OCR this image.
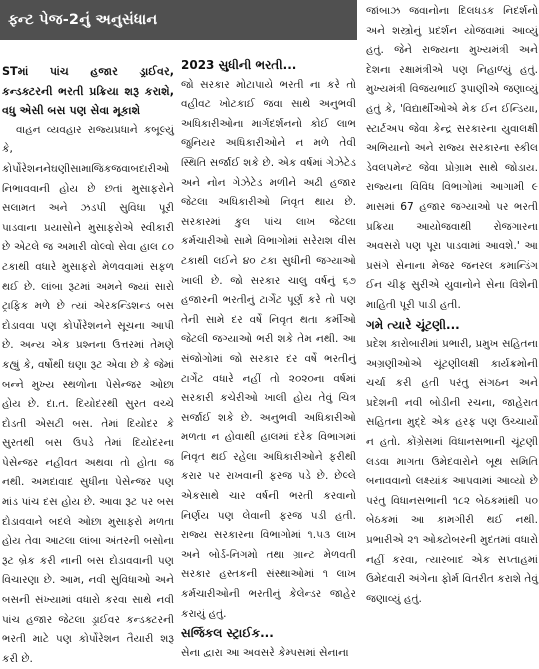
ફ્ન્ટ પેજ-2નું અનુસંધાન

STમાં પાંચ હજાર ડ્રાઈવર, કન્ડક્ટરની ભરતી પ્રક્રિયા શરૂ કરાશે, વધુ એસી બસ પણ સેવા મૂકાશે

વાહન વ્યવહાર રાજ્યપ્રધાને કબૂલ્યું કે, કોર્પોરેશનનેઘણીસામાજિકજવાબદારીઓ નિભાવવાની હોય છે છતાં મુસાફરોને સલામત અને ઝડપી સુવિધા પૂરી પાડવાના પ્રયાસોને મુસાફરોએ સ્વીકારી છે એટલે જ અમારી વોલ્વો સેવા હાલ ૮૦ ટકાથી વધારે મુસાફરો મેળવવામાં સફળ થઈ છે. લાંબા રૂટમાં અમને જ્યાં સારો ટ્રાફિક મળે છે ત્યાં એરકન્ડિશન્ડ બસ દોડાવવા પણ કોર્પોરેશનને સૂચના આપી છે. અન્ય એક પ્રશ્નના ઉત્તરમાં તેમણે કહ્યું કે, વર્ષોથી ઘણા રૂટ એવા છે કે જેમાં બન્ને મુખ્ય સ્થળોના પેસેન્જર ઓછા હોય છે. દા.ત. દિયોદરથી સુરત વચ્ચે દોડતી એસટી બસ. તેમાં દિયોદર કે સુરતથી બસ ઉપડે તેમાં દિયોદરના પેસેન્જર નહીવત અથવા તો હોતા જ નથી. અમદાવાદ સુધીના પેસેન્જર પણ માંડ પાંચ દસ હોય છે. આવા રૂટ પર બસ દોડાવવાને બદલે ઓછા મુસાફરો મળતા હોય તેવા આટલા લાંબા અંતરની બસોના રૂટ બ્રેક કરી નાની બસ દોડાવવાની પણ વિચારણા છે. આમ, નવી સુવિધાઓ અને બસની સંખ્યામાં વધારો કરવા સાથે નવી પાંચ હજાર જેટલા ડ્રાઈવર કન્ડક્ટરની ભરતી માટે પણ કોર્પોરેશન તૈયારી શરૂ કરી છે.

2023 સુધીની ભરતી...

જો સરકાર મોટાપાયે ભરતી ના કરે તો વહીવટ ખોટકાઈ જવા સાથે અનુભવી અધિકારીઓના માર્ગદર્શનનો કોઈ લાભ જુનિયર અધિકારીઓને ન મળે તેવી સ્થિતિ સર્જાઈ શકે છે. એક વર્ષમાં ગેઝેટેડ અને નોન ગેઝેટેડ મળીને અઢી હજાર જેટલા અધિકારીઓ નિવૃત થાય છે. સરકારમાં કુલ પાંચ લાખ જેટલા કર્મચારીઓ સામે વિભાગોમાં સરેરાશ વીસ ટકાથી લઈને ૪૦ ટકા સુધીની જગ્યાઓ ખાલી છે. જો સરકાર ચાલુ વર્ષનું ૬૭ હજારની ભરતીનું ટાર્ગેટ પૂર્ણ કરે તો પણ તેની સામે દર વર્ષે નિવૃત થતા કર્મીઓ જેટલી જગ્યાઓ ભરી શકે તેમ નથી. આ સંજોગોમાં જો સરકાર દર વર્ષે ભરતીનું ટાર્ગેટ વધારે નહીં તો ૨૦૨૦ના વર્ષમાં સરકારી કચેરીઓ ખાલી હોય તેવું ચિત્ર સર્જાઈ શકે છે. અનુભવી અધિકારીઓ મળતા ન હોવાથી હાલમાં દરેક વિભાગમાં નિવૃત થઈ રહેલા અધિકારીઓને ફરીથી કરાર પર રાખવાની ફરજ પડે છે. છેલ્લે એકસાથે ચાર વર્ષની ભરતી કરવાનો નિર્ણય પણ લેવાની ફરજ પડી હતી. રાજ્ય સરકારના વિભાગોમાં ૧.૫૩ લાખ અને બોર્ડ-નિગમો તથા ગ્રાન્ટ મેળવતી સરકાર હસ્તકની સંસ્થાઓમાં ૧ લાખ કર્મચારીઓની ભરતીનું કેલેન્ડર જાહેર કરાયું હતું.

સર્જિકલ સ્ટ્રાઈક...

સેના દ્વારા આ અવસરે કેમ્પસમાં સેનાના

જાંબાઝ જવાનોના દિલધડક નિદર્શનો અને શસ્ત્રોનું પ્રદર્શન યોજવામાં આવ્યું હતું. જેને રાજ્યના મુખ્યમંત્રી અને દેશના રક્ષામંત્રીએ પણ નિહાળ્યું હતું. મુખ્યમંત્રી વિજયભાઈ રૂપાણીએ જણાવ્યું હતું કે, 'વિદ્યાર્થીઓએ મેક ઈન ઈન્ડિયા, સ્ટાર્ટઅપ જેવા કેન્દ્ર સરકારના યુવાલક્ષી અભિયાનો અને રાજ્ય સરકારના સ્કીલ ડેવલપમેન્ટ જેવા પ્રોગ્રામ સાથે જોડાય. રાજ્યના વિવિધ વિભાગોમાં આગામી ૯ માસમાં 67 હજાર જગ્યાઓ પર ભરતી પ્રક્રિયા આયોજવાથી રોજગારના અવસરો પણ પૂરા પાડવામાં આવશે.' આ પ્રસંગે સેનાના મેજર જનરલ કમાન્ડિંગ ઈન ચીફ સુરીએ યુવાનોને સેના વિશેની માહિતી પૂરી પાડી હતી.

ગમે ત્યારે ચૂંટણી...

પ્રદેશ કારોબારીમાં પ્રભારી, પ્રમુખ સહિતના અગ્રણીઓએ ચૂંટણીલક્ષી કાર્યક્રમોની ચર્ચા કરી હતી પરંતુ સંગઠન અને પ્રદેશની નવી બોડીની રચના, જાહેરાત સહિતના મુદ્દે એક હરફ પણ ઉચ્ચાર્યો ન હતો. કોંગ્રેસમાં વિધાનસભાની ચૂંટણી લડવા માગતા ઉમેદવારોને બૂથ સમિતિ બનાવવાનો લક્ષ્યાંક આપવામાં આવ્યો છે પરંતુ વિધાનસભાની ૧૮૨ બેઠકમાંથી ૫૦ બેઠકમાં આ કામગીરી થઈ નથી. પ્રભારીએ ૨૧ ઓક્ટોબરની મુદતમાં વધારો નહીં કરવા, ત્યારબાદ એક સપ્તાહમાં ઉમેદવારી અંગેના ફોર્મ વિતરીત કરાશે તેવું જણાવ્યું હતું.
